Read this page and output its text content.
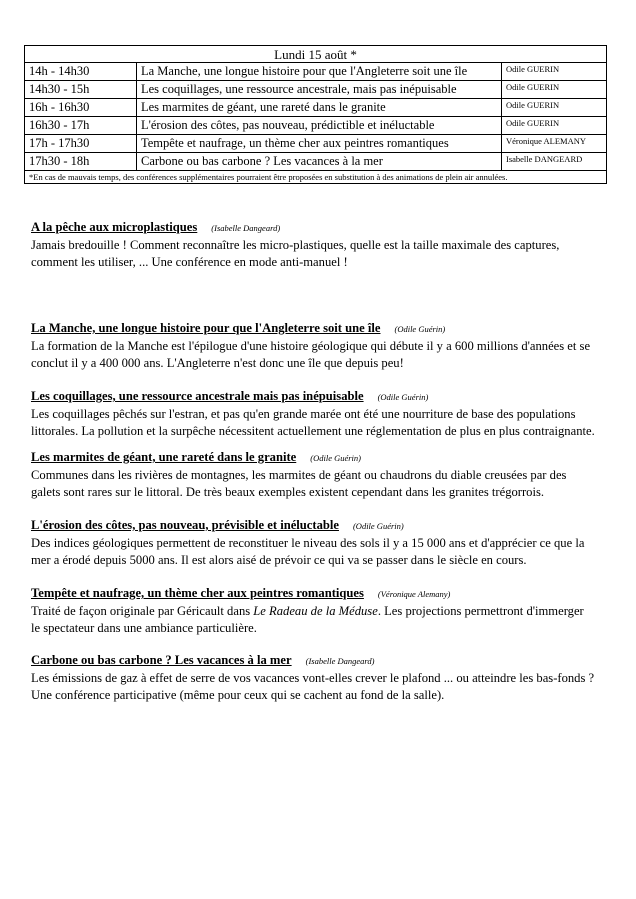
Lundi 15 août *		
14h - 14h30	La Manche, une longue histoire pour que l'Angleterre soit une île	Odile GUERIN
14h30 - 15h	Les coquillages, une ressource ancestrale, mais pas inépuisable	Odile GUERIN
16h - 16h30	Les marmites de géant, une rareté dans le granite	Odile GUERIN
16h30 - 17h	L'érosion des côtes, pas nouveau, prédictible et inéluctable	Odile GUERIN
17h - 17h30	Tempête et naufrage, un thème cher aux peintres romantiques	Véronique ALEMANY
17h30 - 18h	Carbone ou bas carbone ? Les vacances à la mer	Isabelle DANGEARD
*En cas de mauvais temps, des conférences supplémentaires pourraient être proposées en substitution à des animations de plein air annulées.		
A la pêche aux microplastiques (Isabelle Dangeard)

Jamais bredouille ! Comment reconnaître les micro-plastiques, quelle est la taille maximale des captures,

comment les utiliser, ... Une conférence en mode anti-manuel !

La Manche, une longue histoire pour que l'Angleterre soit une île (Odile Guérin)

La formation de la Manche est l'épilogue d'une histoire géologique qui débute il y a 600 millions d'années et se

conclut il y a 400 000 ans. L'Angleterre n'est donc une île que depuis peu!

Les coquillages, une ressource ancestrale mais pas inépuisable (Odile Guérin)

Les coquillages pêchés sur l'estran, et pas qu'en grande marée ont été une nourriture de base des populations

littorales. La pollution et la surpêche nécessitent actuellement une réglementation de plus en plus contraignante.

Les marmites de géant, une rareté dans le granite (Odile Guérin)

Communes dans les rivières de montagnes, les marmites de géant ou chaudrons du diable creusées par des

galets sont rares sur le littoral. De très beaux exemples existent cependant dans les granites trégorrois.

L'érosion des côtes, pas nouveau, prévisible et inéluctable (Odile Guérin)

Des indices géologiques permettent de reconstituer le niveau des sols il y a 15 000 ans et d'apprécier ce que la

mer a érodé depuis 5000 ans. Il est alors aisé de prévoir ce qui va se passer dans le siècle en cours.

Tempête et naufrage, un thème cher aux peintres romantiques (Véronique Alemany)

Traité de façon originale par Géricault dans Le Radeau de la Méduse. Les projections permettront d'immerger

le spectateur dans une ambiance particulière.

Carbone ou bas carbone ? Les vacances à la mer (Isabelle Dangeard)

Les émissions de gaz à effet de serre de vos vacances vont-elles crever le plafond ... ou atteindre les bas-fonds ?

Une conférence participative (même pour ceux qui se cachent au fond de la salle).
